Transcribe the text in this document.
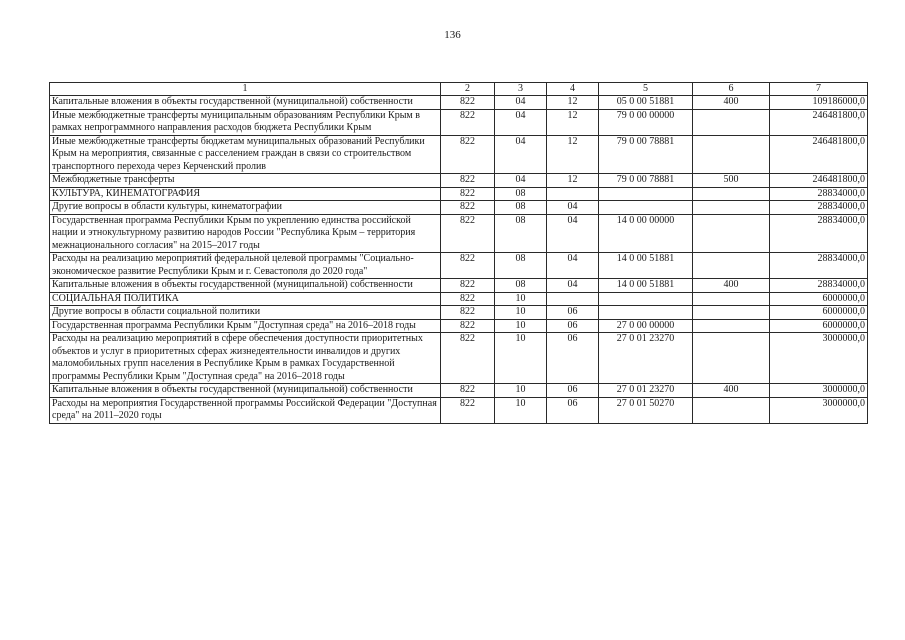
136
1	2	3	4	5	6	7
Капитальные вложения в объекты государственной (муниципальной) собственности	822	04	12	05 0 00 51881	400	109186000,0
Иные межбюджетные трансферты муниципальным образованиям Республики Крым в рамках непрограммного направления расходов бюджета Республики Крым	822	04	12	79 0 00 00000		246481800,0
Иные межбюджетные трансферты бюджетам муниципальных образований Республики Крым на мероприятия, связанные с расселением граждан в связи со строительством транспортного перехода через Керченский пролив	822	04	12	79 0 00 78881		246481800,0
Межбюджетные трансферты	822	04	12	79 0 00 78881	500	246481800,0
КУЛЬТУРА, КИНЕМАТОГРАФИЯ	822	08				28834000,0
Другие вопросы в области культуры, кинематографии	822	08	04			28834000,0
Государственная программа Республики Крым по укреплению единства российской нации и этнокультурному развитию народов России "Республика Крым – территория межнационального согласия" на 2015–2017 годы	822	08	04	14 0 00 00000		28834000,0
Расходы на реализацию мероприятий федеральной целевой программы "Социально-экономическое развитие Республики Крым и г. Севастополя до 2020 года"	822	08	04	14 0 00 51881		28834000,0
Капитальные вложения в объекты государственной (муниципальной) собственности	822	08	04	14 0 00 51881	400	28834000,0
СОЦИАЛЬНАЯ ПОЛИТИКА	822	10				6000000,0
Другие вопросы в области социальной политики	822	10	06			6000000,0
Государственная программа Республики Крым "Доступная среда" на 2016–2018 годы	822	10	06	27 0 00 00000		6000000,0
Расходы на реализацию мероприятий в сфере обеспечения доступности приоритетных объектов и услуг в приоритетных сферах жизнедеятельности инвалидов и других маломобильных групп населения в Республике Крым в рамках Государственной программы Республики Крым "Доступная среда" на 2016–2018 годы	822	10	06	27 0 01 23270		3000000,0
Капитальные вложения в объекты государственной (муниципальной) собственности	822	10	06	27 0 01 23270	400	3000000,0
Расходы на мероприятия Государственной программы Российской Федерации "Доступная среда" на 2011–2020 годы	822	10	06	27 0 01 50270		3000000,0
